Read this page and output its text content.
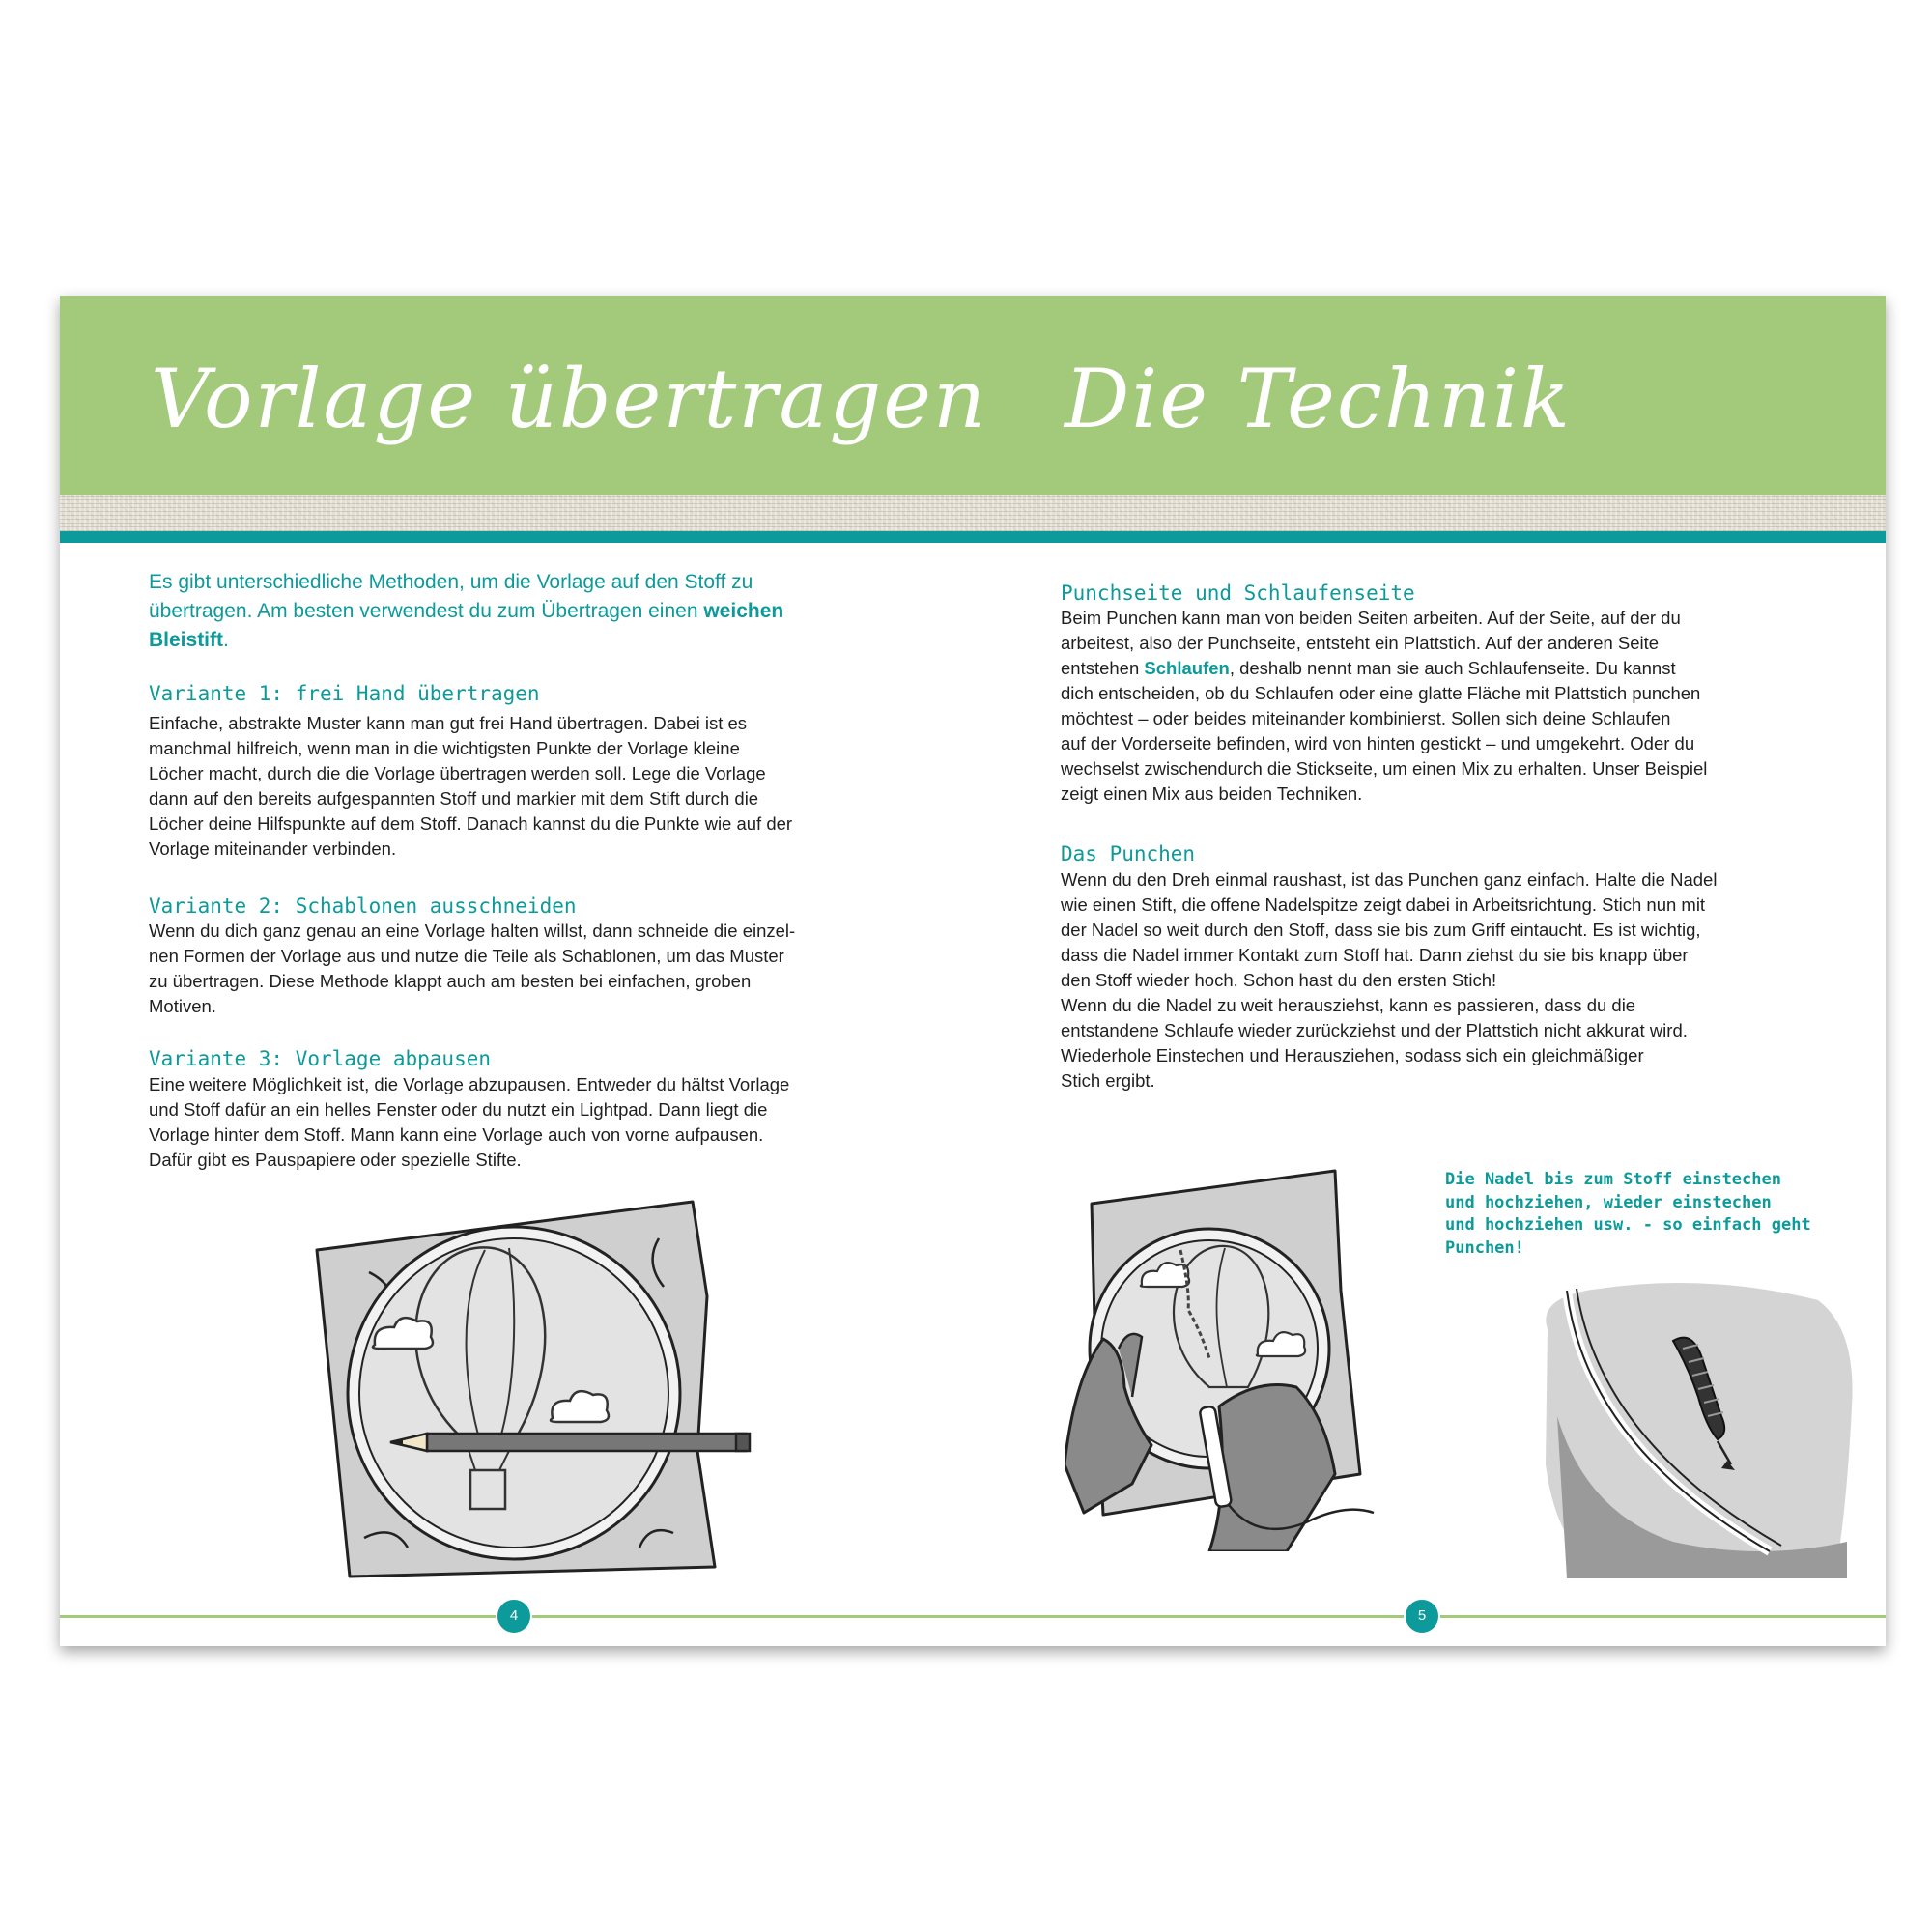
Vorlage übertragen Die Technik
Es gibt unterschiedliche Methoden, um die Vorlage auf den Stoff zu übertragen. Am besten verwendest du zum Übertragen einen weichen Bleistift.
Variante 1: frei Hand übertragen
Einfache, abstrakte Muster kann man gut frei Hand übertragen. Dabei ist es
manchmal hilfreich, wenn man in die wichtigsten Punkte der Vorlage kleine
Löcher macht, durch die die Vorlage übertragen werden soll. Lege die Vorlage
dann auf den bereits aufgespannten Stoff und markier mit dem Stift durch die
Löcher deine Hilfspunkte auf dem Stoff. Danach kannst du die Punkte wie auf der
Vorlage miteinander verbinden.
Variante 2: Schablonen ausschneiden
Wenn du dich ganz genau an eine Vorlage halten willst, dann schneide die einzel-
nen Formen der Vorlage aus und nutze die Teile als Schablonen, um das Muster
zu übertragen. Diese Methode klappt auch am besten bei einfachen, groben
Motiven.
Variante 3: Vorlage abpausen
Eine weitere Möglichkeit ist, die Vorlage abzupausen. Entweder du hältst Vorlage
und Stoff dafür an ein helles Fenster oder du nutzt ein Lightpad. Dann liegt die
Vorlage hinter dem Stoff. Mann kann eine Vorlage auch von vorne aufpausen.
Dafür gibt es Pauspapiere oder spezielle Stifte.
Punchseite und Schlaufenseite
Beim Punchen kann man von beiden Seiten arbeiten. Auf der Seite, auf der du
arbeitest, also der Punchseite, entsteht ein Plattstich. Auf der anderen Seite
entstehen Schlaufen, deshalb nennt man sie auch Schlaufenseite. Du kannst
dich entscheiden, ob du Schlaufen oder eine glatte Fläche mit Plattstich punchen
möchtest – oder beides miteinander kombinierst. Sollen sich deine Schlaufen
auf der Vorderseite befinden, wird von hinten gestickt – und umgekehrt. Oder du
wechselst zwischendurch die Stickseite, um einen Mix zu erhalten. Unser Beispiel
zeigt einen Mix aus beiden Techniken.
Das Punchen
Wenn du den Dreh einmal raushast, ist das Punchen ganz einfach. Halte die Nadel
wie einen Stift, die offene Nadelspitze zeigt dabei in Arbeitsrichtung. Stich nun mit
der Nadel so weit durch den Stoff, dass sie bis zum Griff eintaucht. Es ist wichtig,
dass die Nadel immer Kontakt zum Stoff hat. Dann ziehst du sie bis knapp über
den Stoff wieder hoch. Schon hast du den ersten Stich!
Wenn du die Nadel zu weit herausziehst, kann es passieren, dass du die
entstandene Schlaufe wieder zurückziehst und der Plattstich nicht akkurat wird.
Wiederhole Einstechen und Herausziehen, sodass sich ein gleichmäßiger
Stich ergibt.
Die Nadel bis zum Stoff einstechen
und hochziehen, wieder einstechen
und hochziehen usw. - so einfach geht
Punchen!
4	5
